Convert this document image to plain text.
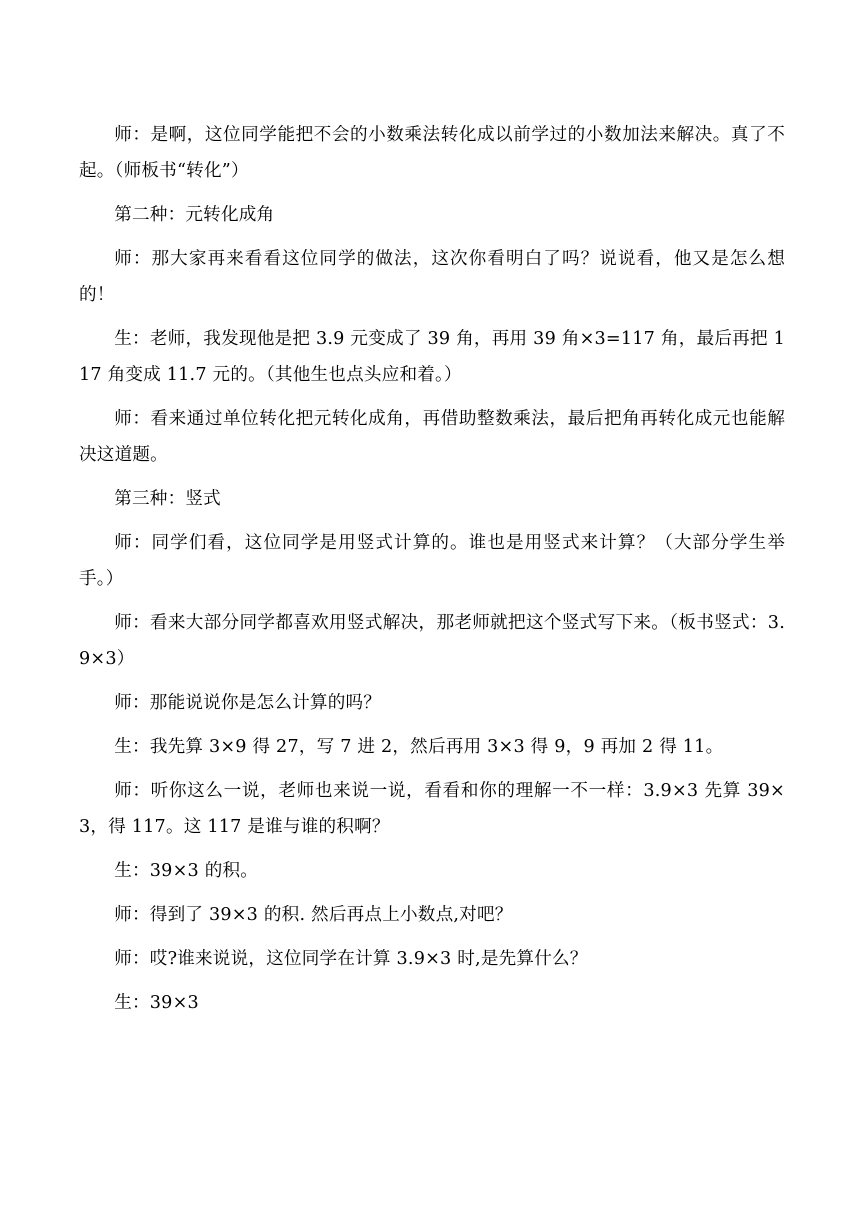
师：是啊，这位同学能把不会的小数乘法转化成以前学过的小数加法来解决。真了不起。（师板书“转化”）

第二种：元转化成角

师：那大家再来看看这位同学的做法，这次你看明白了吗？说说看，他又是怎么想的！

生：老师，我发现他是把 3.9 元变成了 39 角，再用 39 角×3=117 角，最后再把 117 角变成 11.7 元的。（其他生也点头应和着。）

师：看来通过单位转化把元转化成角，再借助整数乘法，最后把角再转化成元也能解决这道题。

第三种：竖式

师：同学们看，这位同学是用竖式计算的。谁也是用竖式来计算？（大部分学生举手。）

师：看来大部分同学都喜欢用竖式解决，那老师就把这个竖式写下来。（板书竖式：3.9×3）

师：那能说说你是怎么计算的吗？

生：我先算 3×9 得 27，写 7 进 2，然后再用 3×3 得 9，9 再加 2 得 11。

师：听你这么一说，老师也来说一说，看看和你的理解一不一样：3.9×3 先算 39×3，得 117。这 117 是谁与谁的积啊？

生：39×3 的积。

师：得到了 39×3 的积. 然后再点上小数点,对吧？

师：哎?谁来说说，这位同学在计算 3.9×3 时,是先算什么？

生：39×3
